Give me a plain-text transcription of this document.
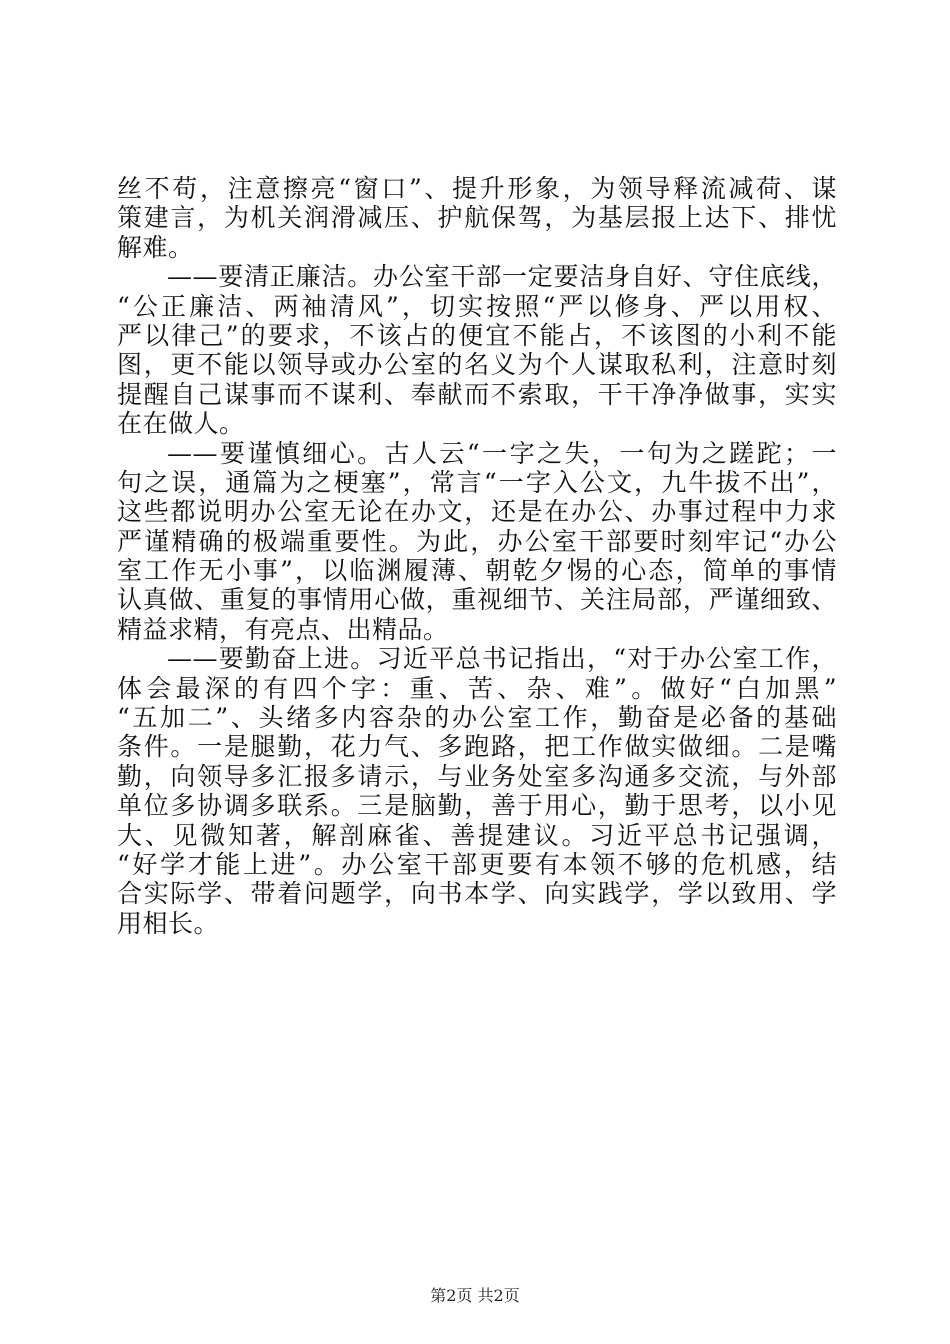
丝不苟，注意擦亮“窗口”、提升形象，为领导释流减荷、谋
策建言，为机关润滑减压、护航保驾，为基层报上达下、排忧
解难。
——要清正廉洁。办公室干部一定要洁身自好、守住底线，
“公正廉洁、两袖清风”，切实按照“严以修身、严以用权、
严以律己”的要求，不该占的便宜不能占，不该图的小利不能
图，更不能以领导或办公室的名义为个人谋取私利，注意时刻
提醒自己谋事而不谋利、奉献而不索取，干干净净做事，实实
在在做人。
——要谨慎细心。古人云“一字之失，一句为之蹉跎；一
句之误，通篇为之梗塞”，常言“一字入公文，九牛拔不出”，
这些都说明办公室无论在办文，还是在办公、办事过程中力求
严谨精确的极端重要性。为此，办公室干部要时刻牢记“办公
室工作无小事”，以临渊履薄、朝乾夕惕的心态，简单的事情
认真做、重复的事情用心做，重视细节、关注局部，严谨细致、
精益求精，有亮点、出精品。
——要勤奋上进。习近平总书记指出，“对于办公室工作，
体会最深的有四个字：重、苦、杂、难”。做好“白加黑”
“五加二”、头绪多内容杂的办公室工作，勤奋是必备的基础
条件。一是腿勤，花力气、多跑路，把工作做实做细。二是嘴
勤，向领导多汇报多请示，与业务处室多沟通多交流，与外部
单位多协调多联系。三是脑勤，善于用心，勤于思考，以小见
大、见微知著，解剖麻雀、善提建议。习近平总书记强调，
“好学才能上进”。办公室干部更要有本领不够的危机感，结
合实际学、带着问题学，向书本学、向实践学，学以致用、学
用相长。
第2页 共2页
